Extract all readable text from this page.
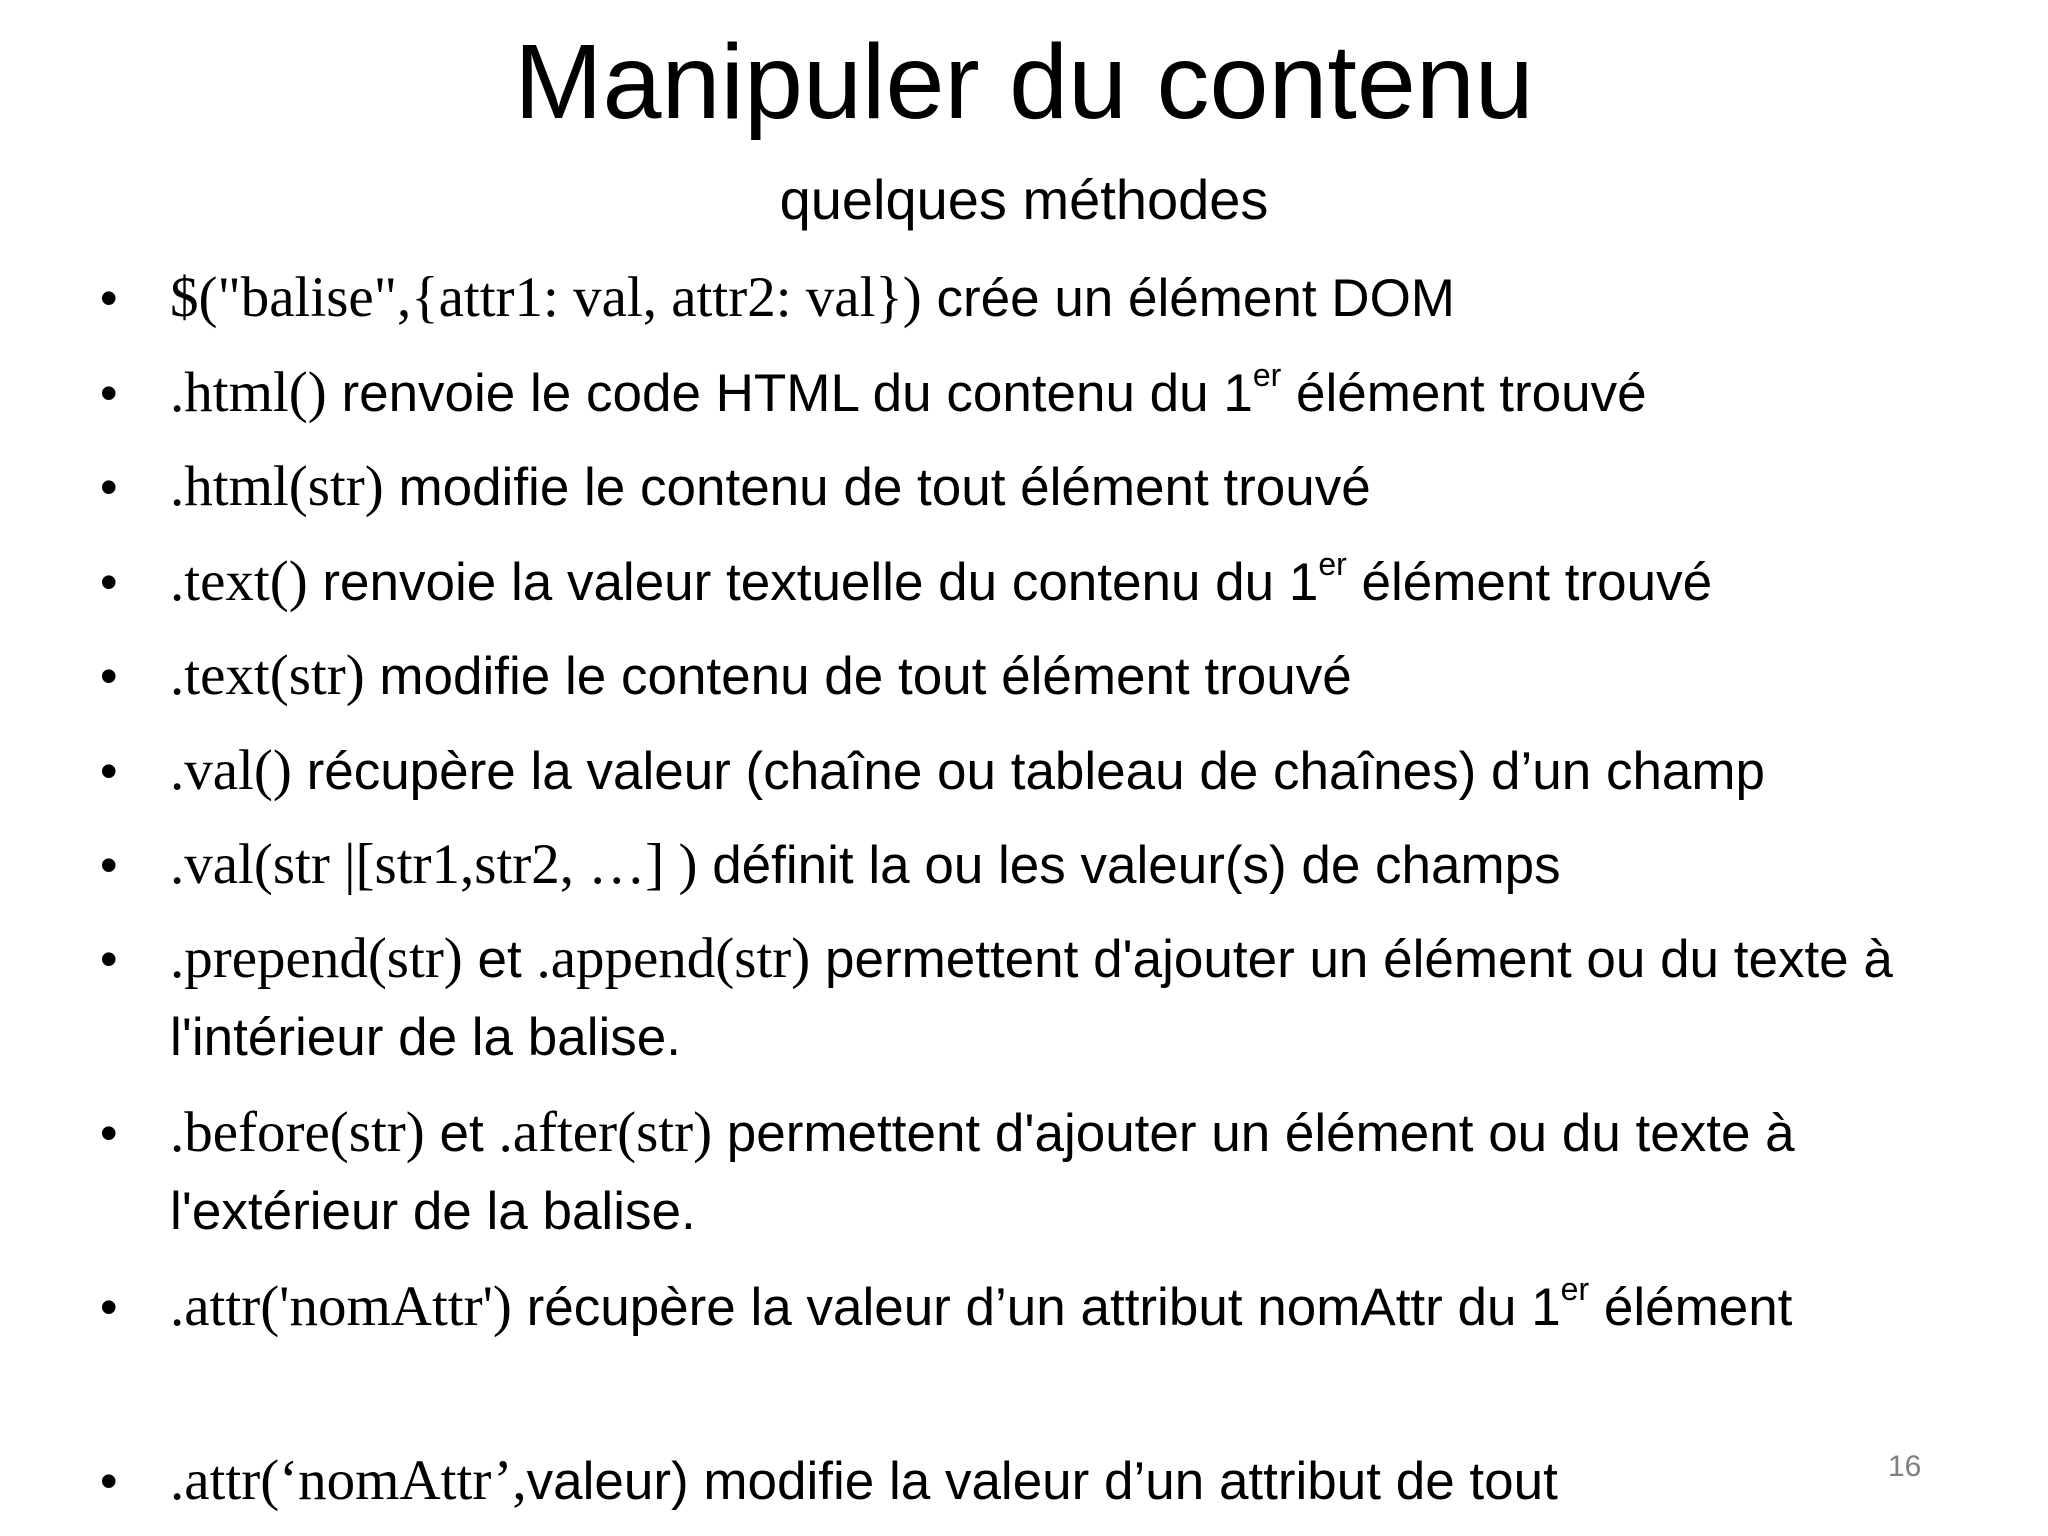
Manipuler du contenu
quelques méthodes
• $("balise",{attr1: val, attr2: val}) crée un élément DOM
• .html() renvoie le code HTML du contenu du 1er élément trouvé
• .html(str) modifie le contenu de tout élément trouvé
• .text() renvoie la valeur textuelle du contenu du 1er élément trouvé
• .text(str) modifie le contenu de tout élément trouvé
• .val() récupère la valeur (chaîne ou tableau de chaînes) d’un champ
• .val(str |[str1,str2, …] ) définit la ou les valeur(s) de champs
• .prepend(str) et .append(str) permettent d'ajouter un élément ou du texte à l'intérieur de la balise.
• .before(str) et .after(str) permettent d'ajouter un élément ou du texte à l'extérieur de la balise.
• .attr('nomAttr') récupère la valeur d’un attribut nomAttr du 1er élément
• .attr(‘nomAttr’,valeur) modifie la valeur d’un attribut de tout	16
